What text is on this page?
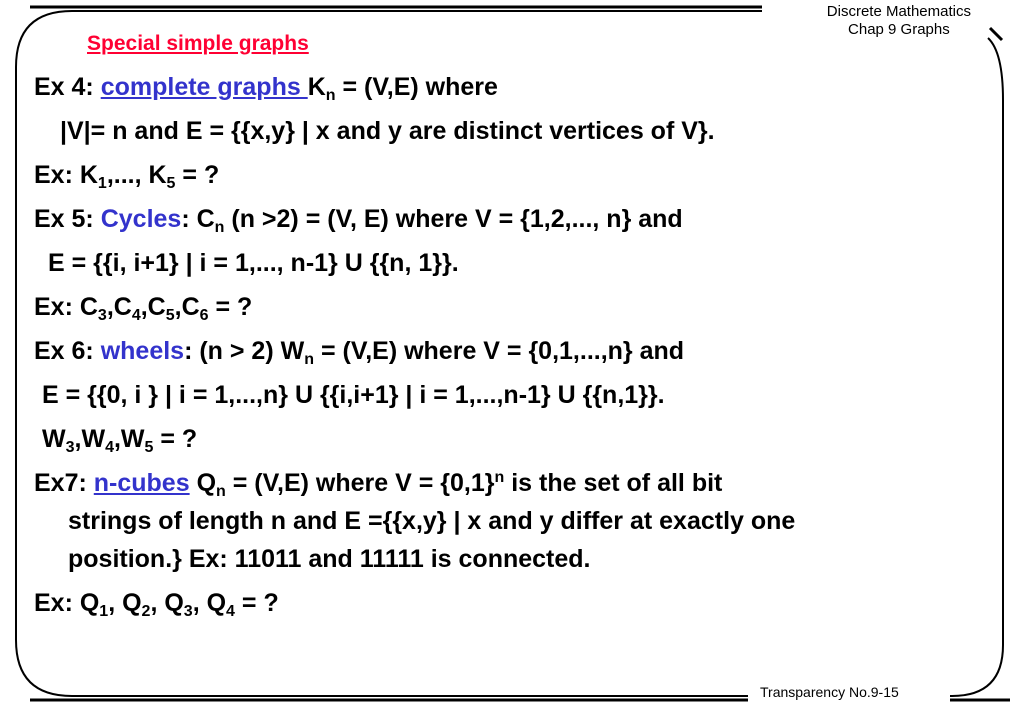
Discrete Mathematics
Chap 9 Graphs
Special simple graphs
Ex 4: complete graphs $K_n = (V,E)$ where
|V|= n and E = {{x,y} | x and y are distinct vertices of V}.
Ex: $K_1$,..., $K_5$ = ?
Ex 5: Cycles: $C_n$ (n >2) = (V, E) where V = {1,2,..., n} and
E = {{i, i+1} | i = 1,..., n-1} U {{n, 1}}.
Ex: $C_3,C_4,C_5,C_6$ = ?
Ex 6: wheels: (n > 2) $W_n = (V,E)$ where V = {0,1,...,n} and
E = {{0, i } | i = 1,...,n} U {{i,i+1} | i = 1,...,n-1} U {{n,1}}.
$W_3,W_4,W_5$ = ?
Ex7: n-cubes $Q_n = (V,E)$ where $V = \{0,1\}^n$ is the set of all bit
strings of length n and E ={{x,y} | x and y differ at exactly one
position.} Ex: 11011 and 11111 is connected.
Ex: $Q_1$, $Q_2$, $Q_3$, $Q_4$ = ?
Transparency No.9-15
